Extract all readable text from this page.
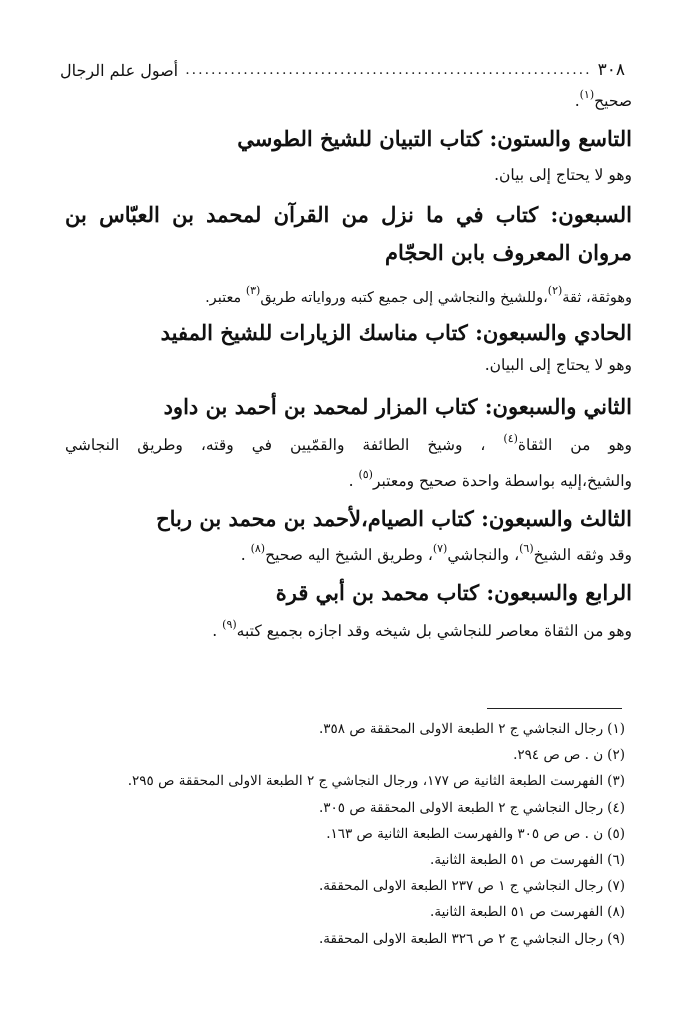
٣٠٨
.....
أصول علم الرجال
صحيح$^{(١)}$.
التاسع والستون: كتاب التبيان للشيخ الطوسي
وهو لا يحتاج إلى بيان.
السبعون: كتاب في ما نزل من القرآن لمحمد بن العبّاس بن
مروان المعروف بابن الحجّام
وهوثقة، ثقة$^{(٢)}$،وللشيخ والنجاشي إلى جميع كتبه ورواياته طريق$^{(٣)}$ معتبر.
الحادي والسبعون: كتاب مناسك الزيارات للشيخ المفيد
وهو لا يحتاج إلى البيان.
الثاني والسبعون: كتاب المزار لمحمد بن أحمد بن داود
وهو من الثقاة$^{(٤)}$ ، وشيخ الطائفة والقمّيين في وقته، وطريق النجاشي
والشيخ،إليه بواسطة واحدة صحيح ومعتبر$^{(٥)}$ .
الثالث والسبعون: كتاب الصيام،لأحمد بن محمد بن رباح
وقد وثقه الشيخ$^{(٦)}$، والنجاشي$^{(٧)}$، وطريق الشيخ اليه صحيح$^{(٨)}$ .
الرابع والسبعون: كتاب محمد بن أبي قرة
وهو من الثقاة معاصر للنجاشي بل شيخه وقد اجازه بجميع كتبه$^{(٩)}$ .
(١)رجال النجاشي ج ٢ الطبعة الاولى المحققة ص ٣٥٨.
(٢)ن . ص ص ٢٩٤.
(٣)الفهرست الطبعة الثانية ص ١٧٧، ورجال النجاشي ج ٢ الطبعة الاولى المحققة ص ٢٩٥.
(٤)رجال النجاشي ج ٢ الطبعة الاولى المحققة ص ٣٠٥.
(٥)ن . ص ص ٣٠٥ والفهرست الطبعة الثانية ص ١٦٣.
(٦)الفهرست ص ٥١ الطبعة الثانية.
(٧)رجال النجاشي ج ١ ص ٢٣٧ الطبعة الاولى المحققة.
(٨)الفهرست ص ٥١ الطبعة الثانية.
(٩)رجال النجاشي ج ٢ ص ٣٢٦ الطبعة الاولى المحققة.
